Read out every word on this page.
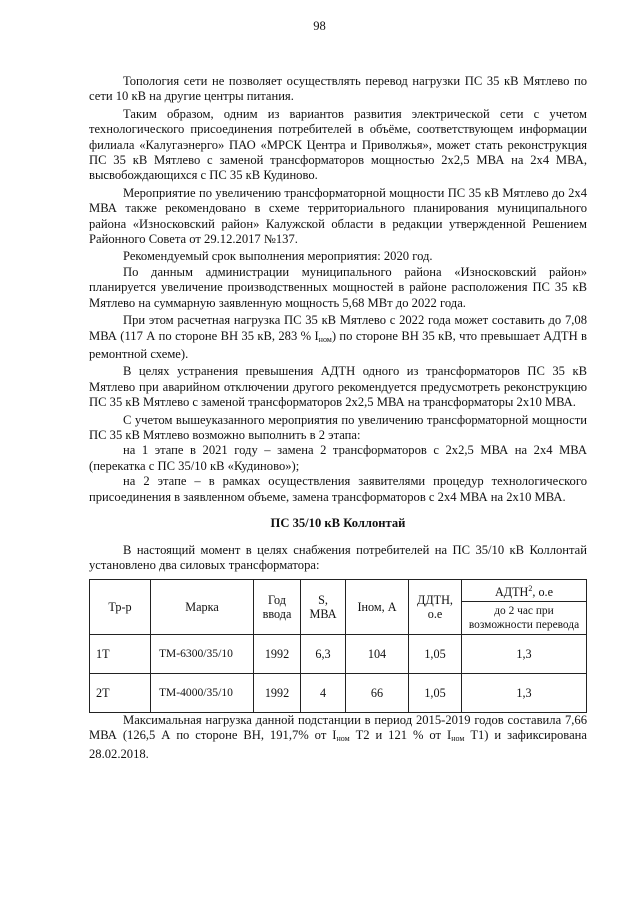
98

Топология сети не позволяет осуществлять перевод нагрузки ПС 35 кВ Мятлево по сети 10 кВ на другие центры питания.

Таким образом, одним из вариантов развития электрической сети с учетом технологического присоединения потребителей в объёме, соответствующем информации филиала «Калугаэнерго» ПАО «МРСК Центра и Приволжья», может стать реконструкция ПС 35 кВ Мятлево с заменой трансформаторов мощностью 2х2,5 МВА на 2х4 МВА, высвобождающихся с ПС 35 кВ Кудиново.

Мероприятие по увеличению трансформаторной мощности ПС 35 кВ Мятлево до 2х4 МВА также рекомендовано в схеме территориального планирования муниципального района «Износковский район» Калужской области в редакции утвержденной Решением Районного Совета от 29.12.2017 №137.

Рекомендуемый срок выполнения мероприятия: 2020 год.

По данным администрации муниципального района «Износковский район» планируется увеличение производственных мощностей в районе расположения ПС 35 кВ Мятлево на суммарную заявленную мощность 5,68 МВт до 2022 года.

При этом расчетная нагрузка ПС 35 кВ Мятлево с 2022 года может составить до 7,08 МВА (117 А по стороне ВН 35 кВ, 283 % $I_{ном}$) по стороне ВН 35 кВ, что превышает АДТН в ремонтной схеме).

В целях устранения превышения АДТН одного из трансформаторов ПС 35 кВ Мятлево при аварийном отключении другого рекомендуется предусмотреть реконструкцию ПС 35 кВ Мятлево с заменой трансформаторов 2х2,5 МВА на трансформаторы 2х10 МВА.

С учетом вышеуказанного мероприятия по увеличению трансформаторной мощности ПС 35 кВ Мятлево возможно выполнить в 2 этапа:

на 1 этапе в 2021 году – замена 2 трансформаторов с 2х2,5 МВА на 2х4 МВА (перекатка с ПС 35/10 кВ «Кудиново»);

на 2 этапе – в рамках осуществления заявителями процедур технологического присоединения в заявленном объеме, замена трансформаторов с 2х4 МВА на 2х10 МВА.

ПС 35/10 кВ Коллонтай

В настоящий момент в целях снабжения потребителей на ПС 35/10 кВ Коллонтай установлено два силовых трансформатора:

Тр-р	Марка	Год ввода	S, МВА	Iном, А	ДДТН, о.е	АДТН$^2$, о.е
						до 2 час при возможности перевода
1Т	ТМ-6300/35/10	1992	6,3	104	1,05	1,3
2Т	ТМ-4000/35/10	1992	4	66	1,05	1,3

Максимальная нагрузка данной подстанции в период 2015-2019 годов составила 7,66 МВА (126,5 А по стороне ВН, 191,7% от $I_{ном}$ Т2 и 121 % от $I_{ном}$ Т1) и зафиксирована 28.02.2018.
